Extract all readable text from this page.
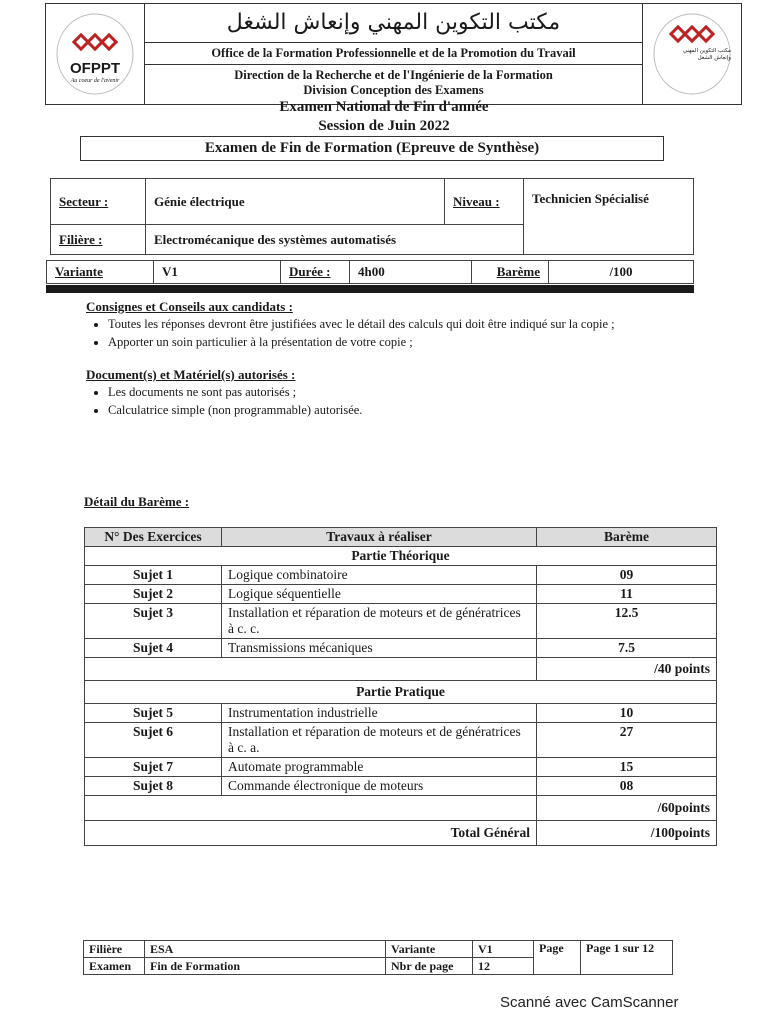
OFPPT
Au coeur de l'avenir
مكتب التكوين المهني وإنعاش الشغل
Office de la Formation Professionnelle et de la Promotion du Travail
Direction de la Recherche et de l'Ingénierie de la Formation
Division Conception des Examens
مكتب التكوين المهني وإنعاش الشغل
Examen National de Fin d'année
Session de Juin 2022
Examen de Fin de Formation (Epreuve de Synthèse)
Secteur :	Génie électrique	Niveau :	Technicien Spécialisé
Filière :	Electromécanique des systèmes automatisés		
Variante	V1	Durée :	4h00	Barème	/100
Consignes et Conseils aux candidats :
• Toutes les réponses devront être justifiées avec le détail des calculs qui doit être indiqué sur la copie ;
• Apporter un soin particulier à la présentation de votre copie ;
Document(s) et Matériel(s) autorisés :
• Les documents ne sont pas autorisés ;
• Calculatrice simple (non programmable) autorisée.
Détail du Barème :
N° Des Exercices	Travaux à réaliser	Barème
Partie Théorique		
Sujet 1	Logique combinatoire	09
Sujet 2	Logique séquentielle	11
Sujet 3	Installation et réparation de moteurs et de génératrices à c. c.	12.5
Sujet 4	Transmissions mécaniques	7.5
		/40 points
Partie Pratique		
Sujet 5	Instrumentation industrielle	10
Sujet 6	Installation et réparation de moteurs et de génératrices à c. a.	27
Sujet 7	Automate programmable	15
Sujet 8	Commande électronique de moteurs	08
		/60points
Total Général		/100points
Filière	ESA	Variante	V1	Page	Page 1 sur 12
Examen	Fin de Formation	Nbr de page	12		
Scanné avec CamScanner
